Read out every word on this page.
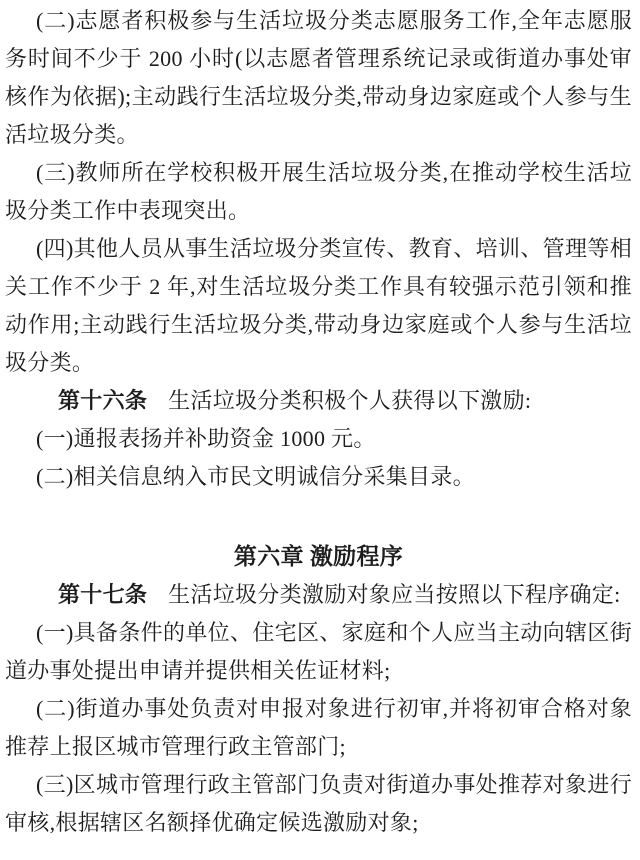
(二)志愿者积极参与生活垃圾分类志愿服务工作,全年志愿服务时间不少于 200 小时(以志愿者管理系统记录或街道办事处审核作为依据);主动践行生活垃圾分类,带动身边家庭或个人参与生活垃圾分类。

(三)教师所在学校积极开展生活垃圾分类,在推动学校生活垃圾分类工作中表现突出。

(四)其他人员从事生活垃圾分类宣传、教育、培训、管理等相关工作不少于 2 年,对生活垃圾分类工作具有较强示范引领和推动作用;主动践行生活垃圾分类,带动身边家庭或个人参与生活垃圾分类。

第十六条 生活垃圾分类积极个人获得以下激励:

(一)通报表扬并补助资金 1000 元。

(二)相关信息纳入市民文明诚信分采集目录。

第六章 激励程序

第十七条 生活垃圾分类激励对象应当按照以下程序确定:

(一)具备条件的单位、住宅区、家庭和个人应当主动向辖区街道办事处提出申请并提供相关佐证材料;

(二)街道办事处负责对申报对象进行初审,并将初审合格对象推荐上报区城市管理行政主管部门;

(三)区城市管理行政主管部门负责对街道办事处推荐对象进行审核,根据辖区名额择优确定候选激励对象;
